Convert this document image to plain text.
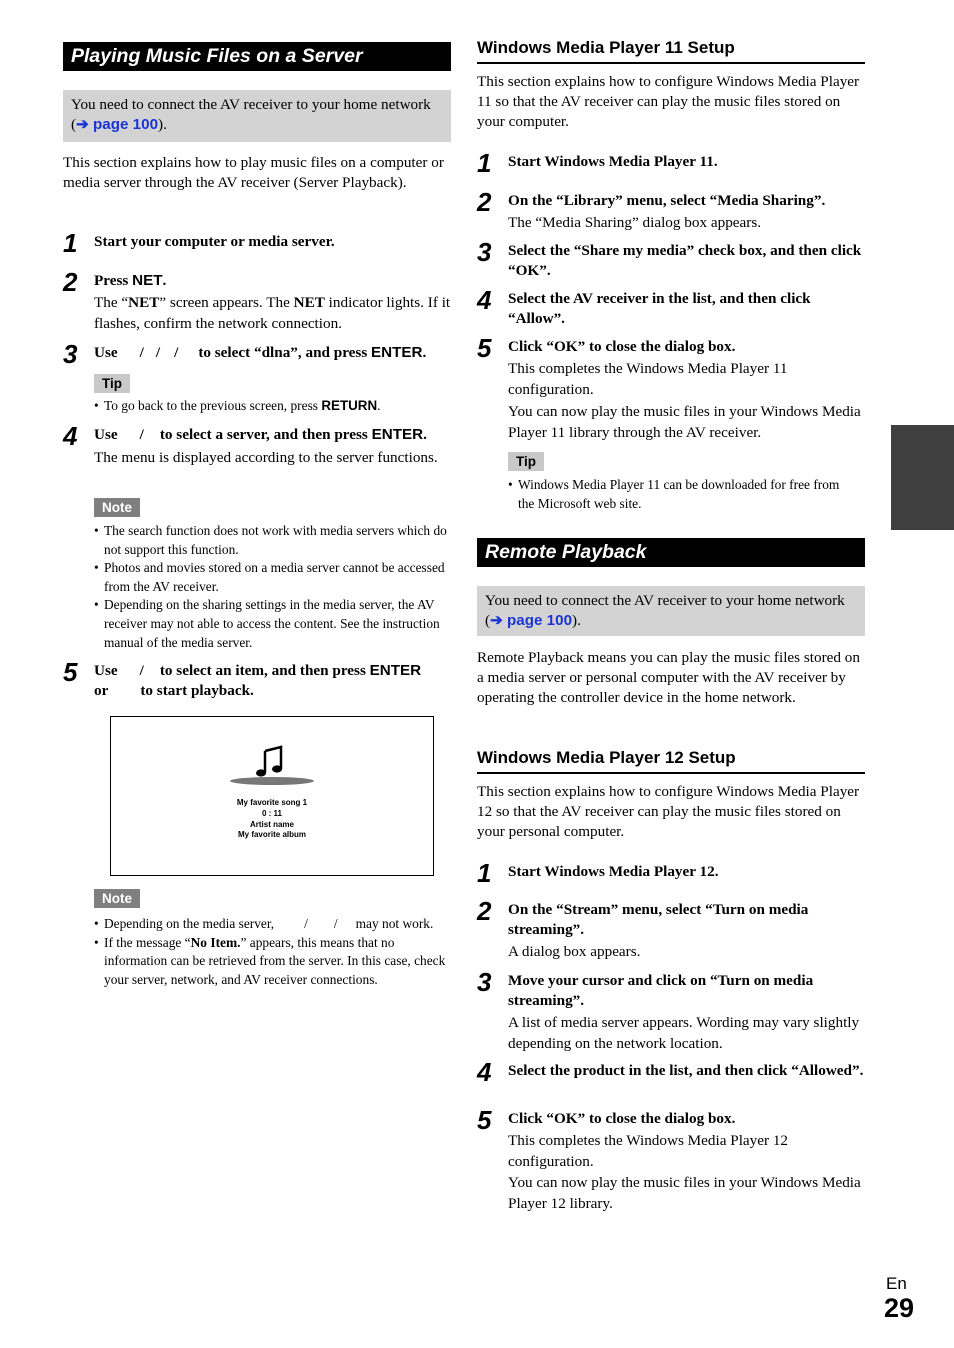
Playing Music Files on a Server
You need to connect the AV receiver to your home network (➔ page 100).
This section explains how to play music files on a computer or media server through the AV receiver (Server Playback).
1 Start your computer or media server.
2 Press NET.
The “NET” screen appears. The NET indicator lights. If it flashes, confirm the network connection.
3 Use / / / to select “dlna”, and press ENTER.
Tip
• To go back to the previous screen, press RETURN.
4 Use / to select a server, and then press ENTER.
The menu is displayed according to the server functions.
Note
• The search function does not work with media servers which do not support this function.
• Photos and movies stored on a media server cannot be accessed from the AV receiver.
• Depending on the sharing settings in the media server, the AV receiver may not able to access the content. See the instruction manual of the media server.
5 Use / to select an item, and then press ENTER
or to start playback.
My favorite song 1
0 : 11
Artist name
My favorite album
Note
• Depending on the media server, / / may not work.
• If the message “No Item.” appears, this means that no information can be retrieved from the server. In this case, check your server, network, and AV receiver connections.
Windows Media Player 11 Setup
This section explains how to configure Windows Media Player 11 so that the AV receiver can play the music files stored on your computer.
1 Start Windows Media Player 11.
2 On the “Library” menu, select “Media Sharing”.
The “Media Sharing” dialog box appears.
3 Select the “Share my media” check box, and then click “OK”.
4 Select the AV receiver in the list, and then click “Allow”.
5 Click “OK” to close the dialog box.
This completes the Windows Media Player 11 configuration.
You can now play the music files in your Windows Media Player 11 library through the AV receiver.
Tip
• Windows Media Player 11 can be downloaded for free from the Microsoft web site.
Remote Playback
You need to connect the AV receiver to your home network (➔ page 100).
Remote Playback means you can play the music files stored on a media server or personal computer with the AV receiver by operating the controller device in the home network.
Windows Media Player 12 Setup
This section explains how to configure Windows Media Player 12 so that the AV receiver can play the music files stored on your personal computer.
1 Start Windows Media Player 12.
2 On the “Stream” menu, select “Turn on media streaming”.
A dialog box appears.
3 Move your cursor and click on “Turn on media streaming”.
A list of media server appears. Wording may vary slightly depending on the network location.
4 Select the product in the list, and then click “Allowed”.
5 Click “OK” to close the dialog box.
This completes the Windows Media Player 12 configuration.
You can now play the music files in your Windows Media Player 12 library.
En
29
